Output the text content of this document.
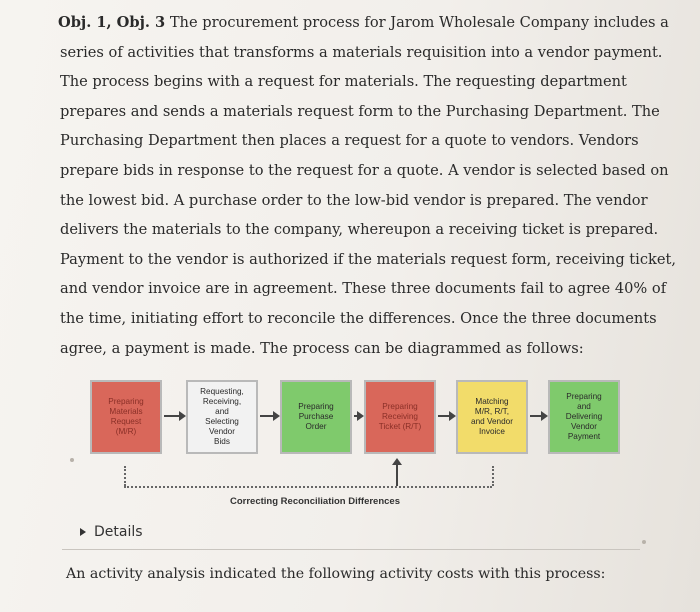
Obj. 1, Obj. 3 The procurement process for Jarom Wholesale Company includes a
series of activities that transforms a materials requisition into a vendor payment.
The process begins with a request for materials. The requesting department
prepares and sends a materials request form to the Purchasing Department. The
Purchasing Department then places a request for a quote to vendors. Vendors
prepare bids in response to the request for a quote. A vendor is selected based on
the lowest bid. A purchase order to the low-bid vendor is prepared. The vendor
delivers the materials to the company, whereupon a receiving ticket is prepared.
Payment to the vendor is authorized if the materials request form, receiving ticket,
and vendor invoice are in agreement. These three documents fail to agree 40% of
the time, initiating effort to reconcile the differences. Once the three documents
agree, a payment is made. The process can be diagrammed as follows:
Preparing
Materials
Request
(M/R)
Requesting,
Receiving,
and
Selecting
Vendor
Bids
Preparing
Purchase
Order
Preparing
Receiving
Ticket (R/T)
Matching
M/R, R/T,
and Vendor
Invoice
Preparing
and
Delivering
Vendor
Payment
Correcting Reconciliation Differences
Details
An activity analysis indicated the following activity costs with this process:
